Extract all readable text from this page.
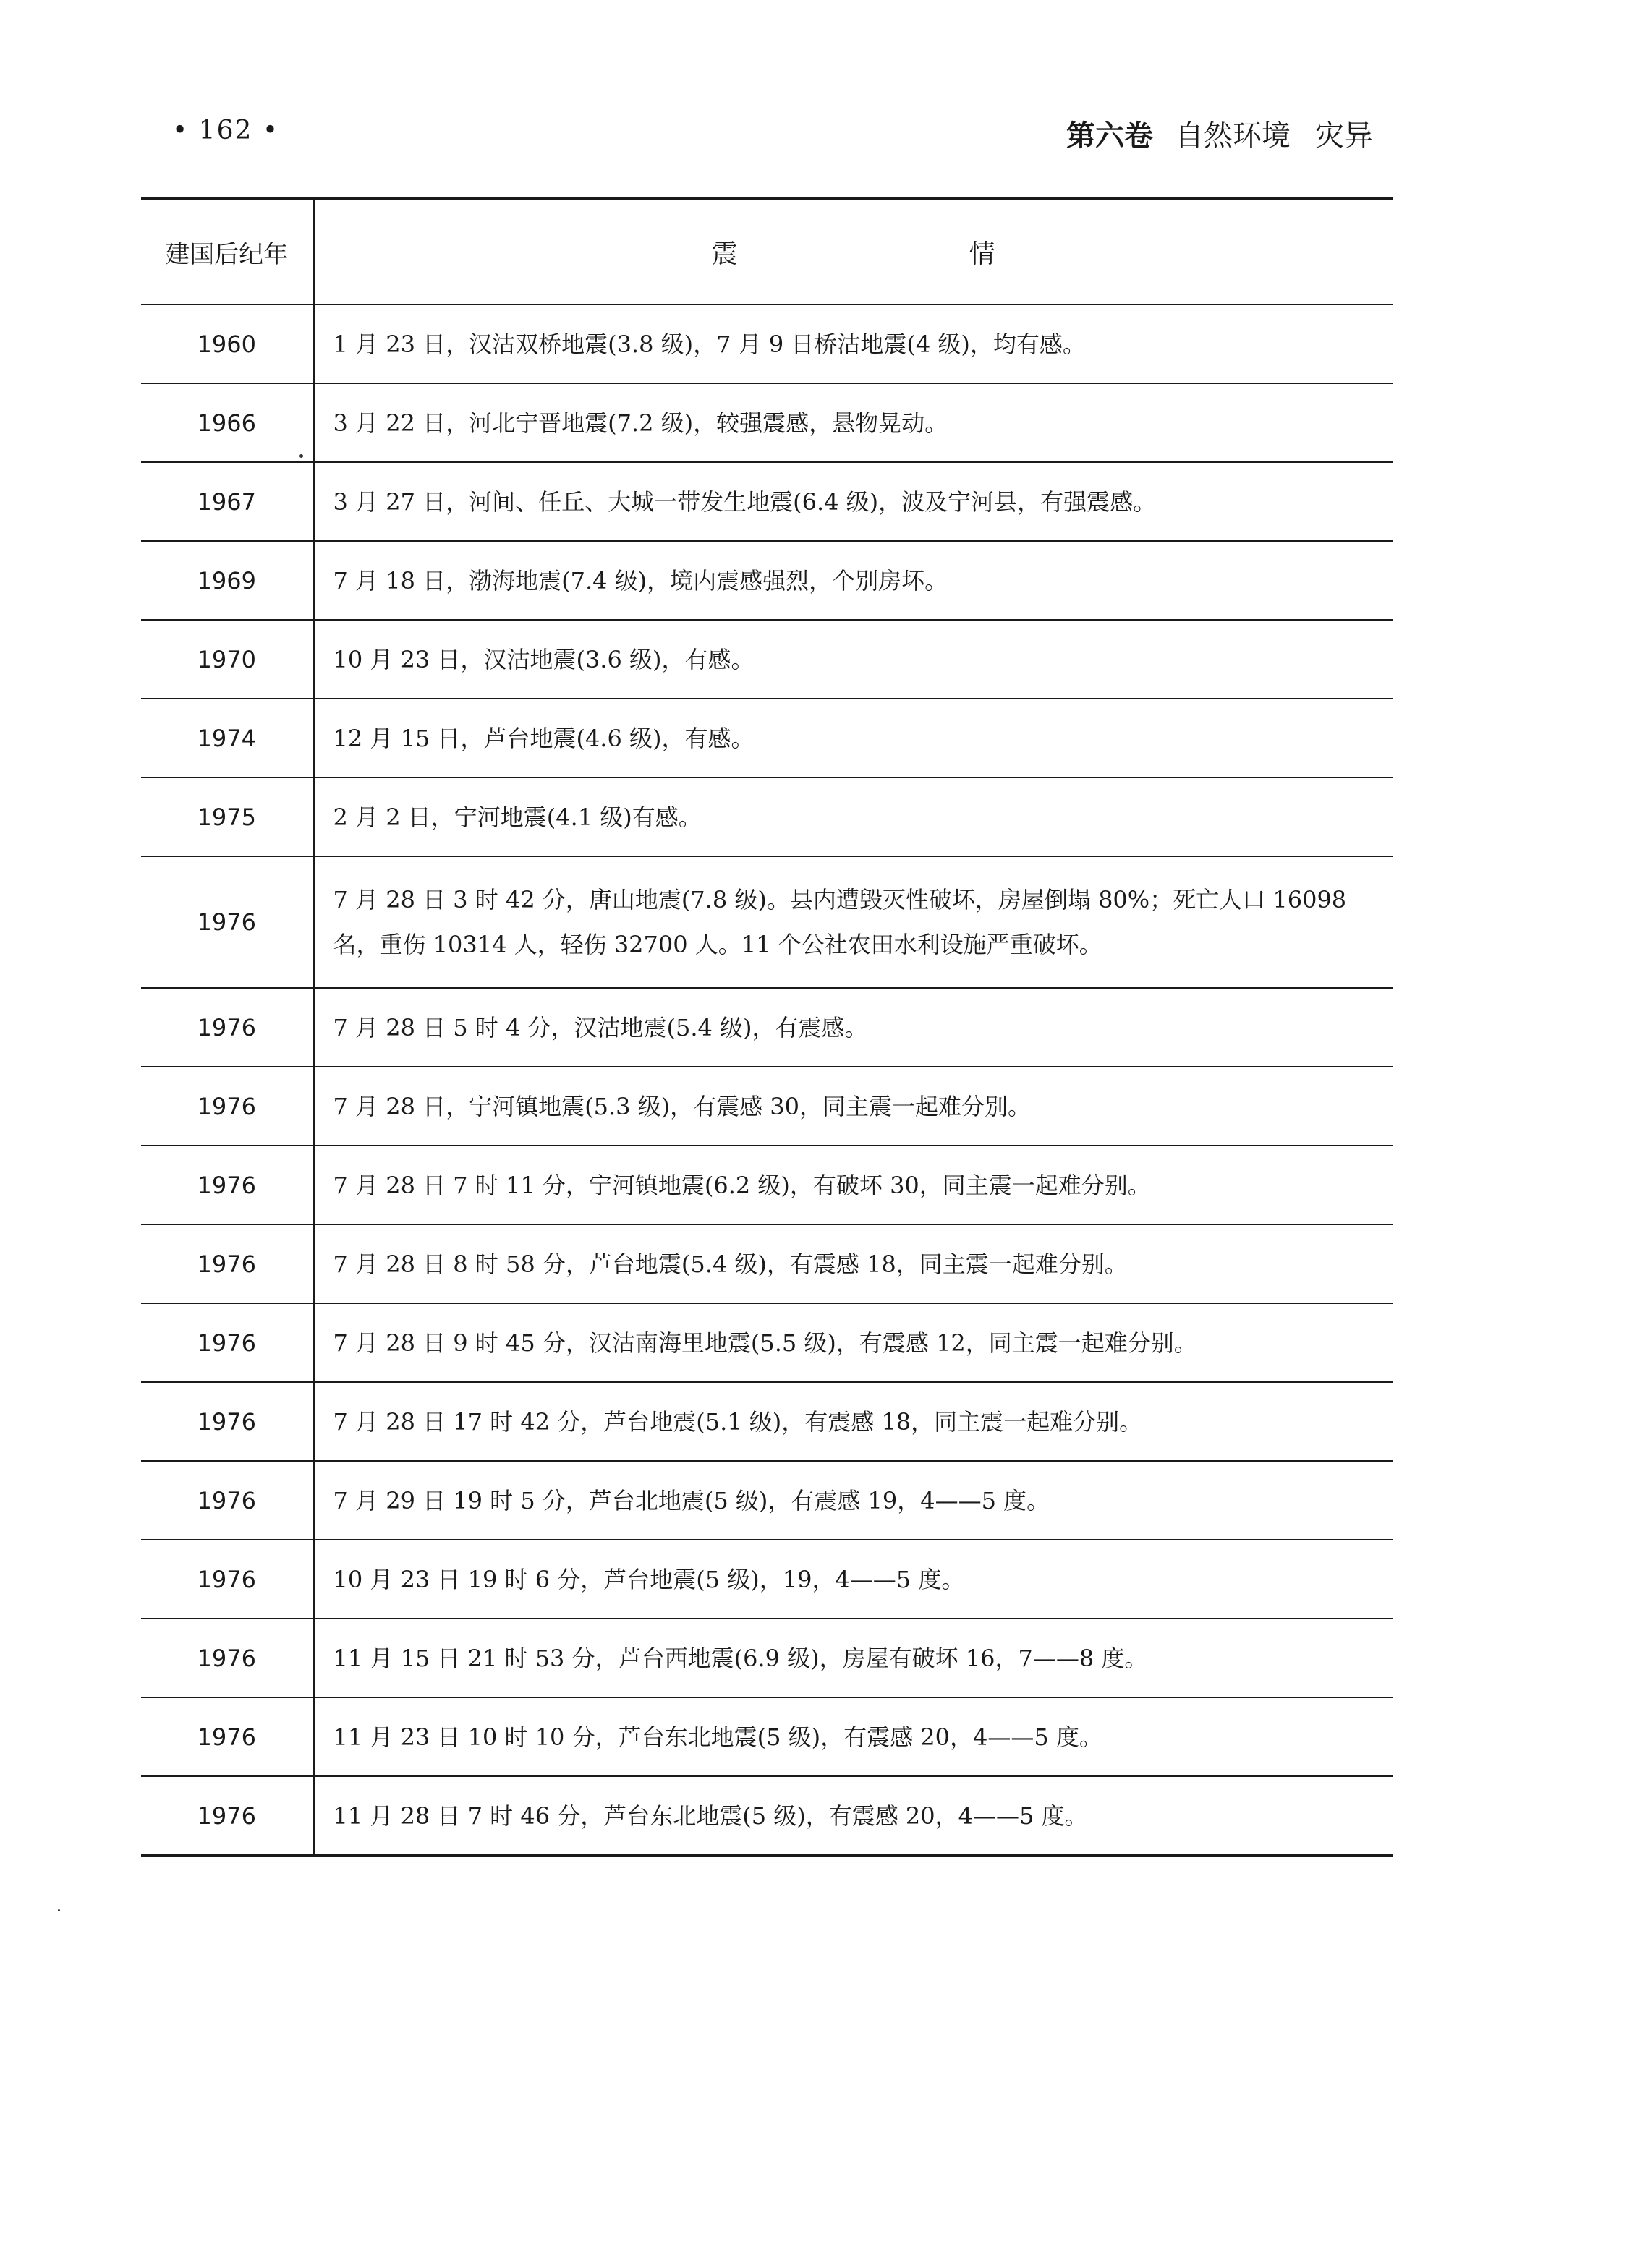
• 162 •	第六卷 自然环境 灾异
建国后纪年	震 情
1960	1 月 23 日，汉沽双桥地震(3.8 级)，7 月 9 日桥沽地震(4 级)，均有感。
1966	3 月 22 日，河北宁晋地震(7.2 级)，较强震感，悬物晃动。
1967	3 月 27 日，河间、任丘、大城一带发生地震(6.4 级)，波及宁河县，有强震感。
1969	7 月 18 日，渤海地震(7.4 级)，境内震感强烈，个别房坏。
1970	10 月 23 日，汉沽地震(3.6 级)，有感。
1974	12 月 15 日，芦台地震(4.6 级)，有感。
1975	2 月 2 日，宁河地震(4.1 级)有感。
1976	7 月 28 日 3 时 42 分，唐山地震(7.8 级)。县内遭毁灭性破坏，房屋倒塌 80%；死亡人口 16098 名，重伤 10314 人，轻伤 32700 人。11 个公社农田水利设施严重破坏。
1976	7 月 28 日 5 时 4 分，汉沽地震(5.4 级)，有震感。
1976	7 月 28 日，宁河镇地震(5.3 级)，有震感 30，同主震一起难分别。
1976	7 月 28 日 7 时 11 分，宁河镇地震(6.2 级)，有破坏 30，同主震一起难分别。
1976	7 月 28 日 8 时 58 分，芦台地震(5.4 级)，有震感 18，同主震一起难分别。
1976	7 月 28 日 9 时 45 分，汉沽南海里地震(5.5 级)，有震感 12，同主震一起难分别。
1976	7 月 28 日 17 时 42 分，芦台地震(5.1 级)，有震感 18，同主震一起难分别。
1976	7 月 29 日 19 时 5 分，芦台北地震(5 级)，有震感 19，4——5 度。
1976	10 月 23 日 19 时 6 分，芦台地震(5 级)，19，4——5 度。
1976	11 月 15 日 21 时 53 分，芦台西地震(6.9 级)，房屋有破坏 16，7——8 度。
1976	11 月 23 日 10 时 10 分，芦台东北地震(5 级)，有震感 20，4——5 度。
1976	11 月 28 日 7 时 46 分，芦台东北地震(5 级)，有震感 20，4——5 度。
